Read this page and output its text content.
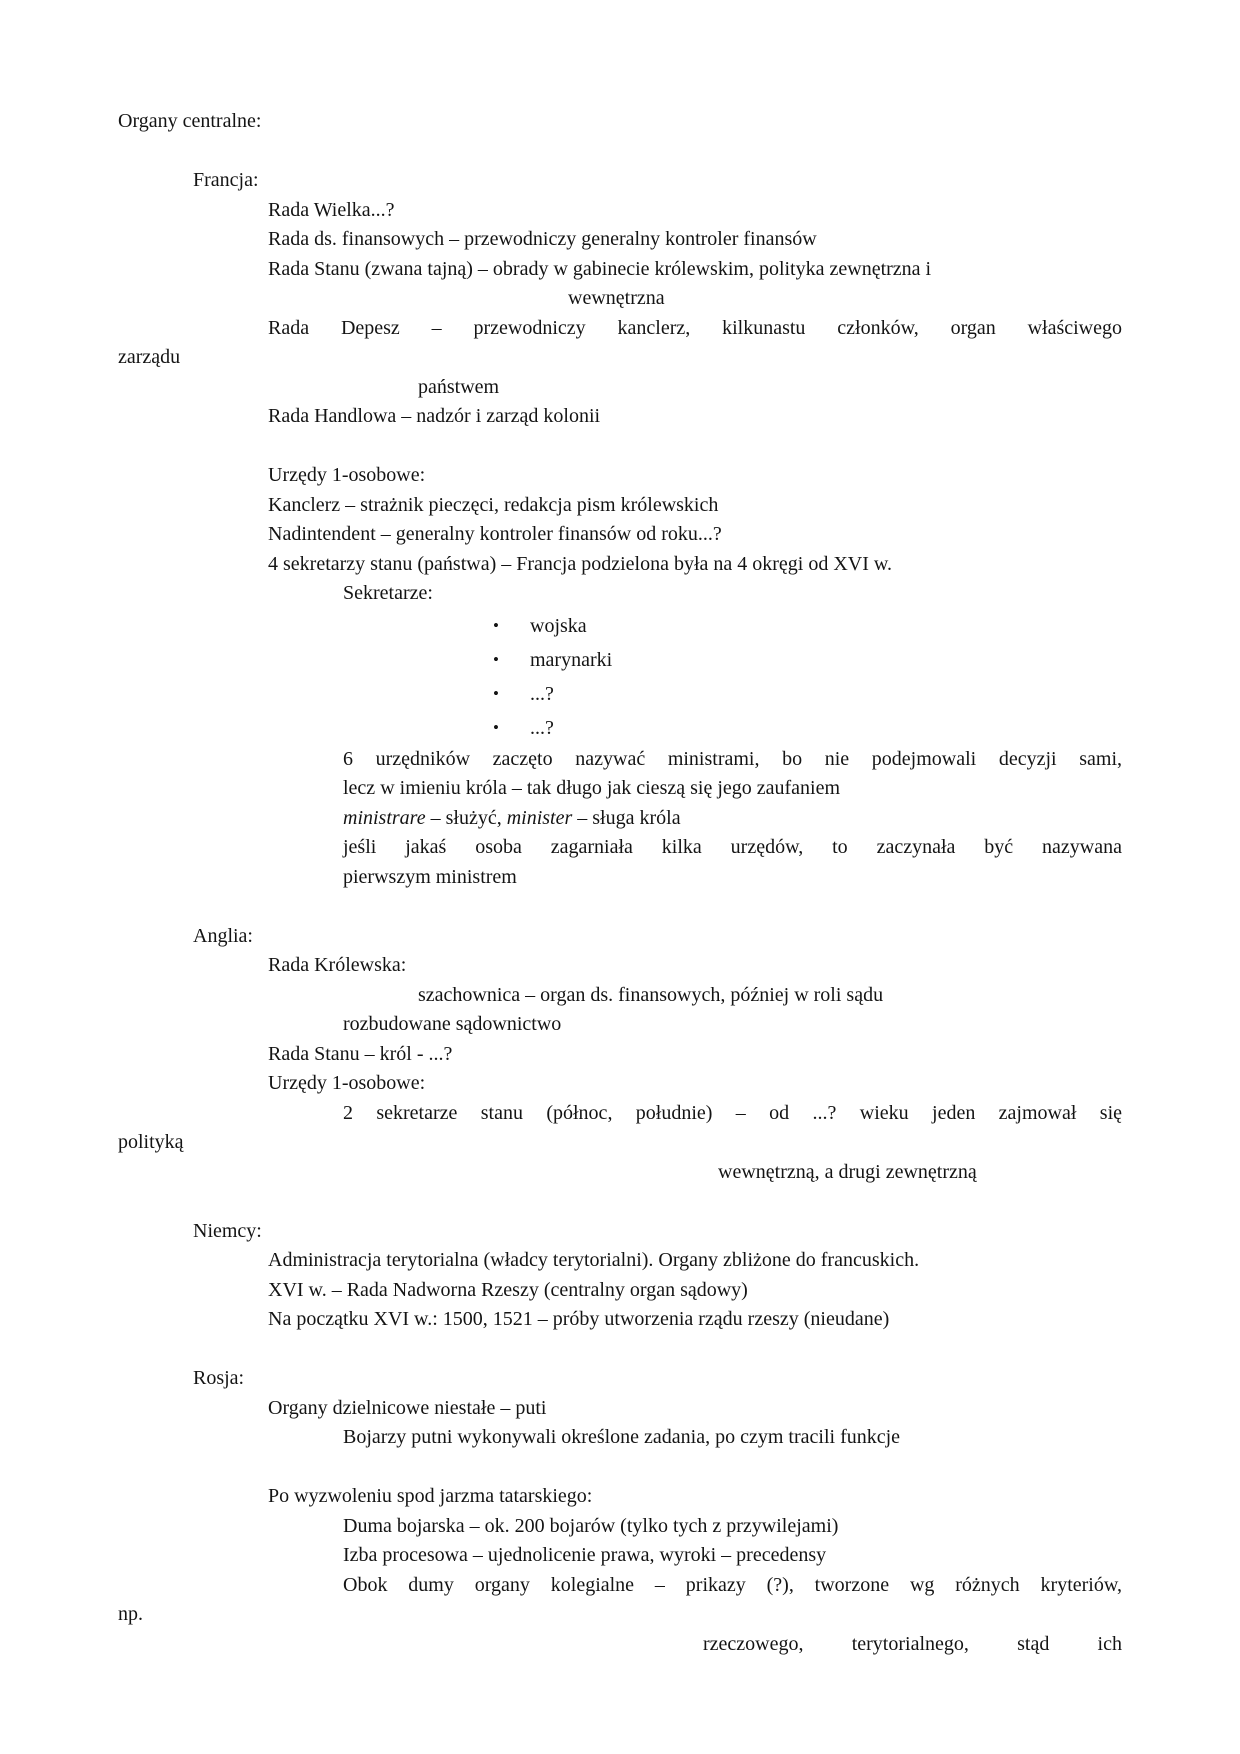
Organy centralne:
Francja:
Rada Wielka...?
Rada ds. finansowych – przewodniczy generalny kontroler finansów
Rada Stanu (zwana tajną) – obrady w gabinecie królewskim, polityka zewnętrzna i
wewnętrzna
Rada Depesz – przewodniczy kanclerz, kilkunastu członków, organ właściwego
zarządu
państwem
Rada Handlowa – nadzór i zarząd kolonii
Urzędy 1-osobowe:
Kanclerz – strażnik pieczęci, redakcja pism królewskich
Nadintendent – generalny kontroler finansów od roku...?
4 sekretarzy stanu (państwa) – Francja podzielona była na 4 okręgi od XVI w.
Sekretarze:
• wojska
• marynarki
• ...?
• ...?
6 urzędników zaczęto nazywać ministrami, bo nie podejmowali decyzji sami,
lecz w imieniu króla – tak długo jak cieszą się jego zaufaniem
ministrare – służyć, minister – sługa króla
jeśli jakaś osoba zagarniała kilka urzędów, to zaczynała być nazywana
pierwszym ministrem
Anglia:
Rada Królewska:
szachownica – organ ds. finansowych, później w roli sądu
rozbudowane sądownictwo
Rada Stanu – król - ...?
Urzędy 1-osobowe:
2 sekretarze stanu (północ, południe) – od ...? wieku jeden zajmował się
polityką
wewnętrzną, a drugi zewnętrzną
Niemcy:
Administracja terytorialna (władcy terytorialni). Organy zbliżone do francuskich.
XVI w. – Rada Nadworna Rzeszy (centralny organ sądowy)
Na początku XVI w.: 1500, 1521 – próby utworzenia rządu rzeszy (nieudane)
Rosja:
Organy dzielnicowe niestałe – puti
Bojarzy putni wykonywali określone zadania, po czym tracili funkcje
Po wyzwoleniu spod jarzma tatarskiego:
Duma bojarska – ok. 200 bojarów (tylko tych z przywilejami)
Izba procesowa – ujednolicenie prawa, wyroki – precedensy
Obok dumy organy kolegialne – prikazy (?), tworzone wg różnych kryteriów,
np.
rzeczowego, terytorialnego, stąd ich
